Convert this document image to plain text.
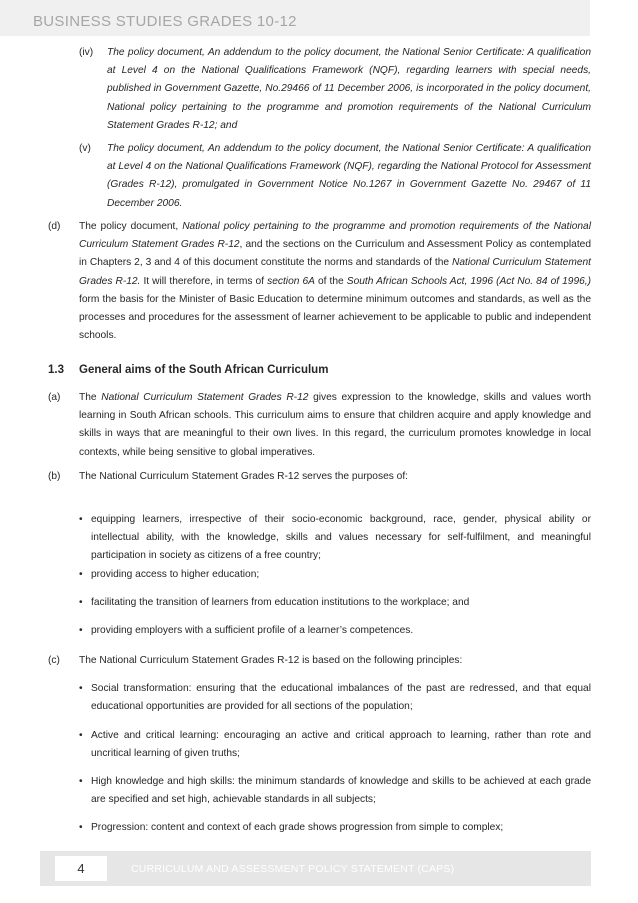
BUSINESS STUDIES GRADES 10-12
(iv) The policy document, An addendum to the policy document, the National Senior Certificate: A qualification at Level 4 on the National Qualifications Framework (NQF), regarding learners with special needs, published in Government Gazette, No.29466 of 11 December 2006, is incorporated in the policy document, National policy pertaining to the programme and promotion requirements of the National Curriculum Statement Grades R-12; and
(v) The policy document, An addendum to the policy document, the National Senior Certificate: A qualification at Level 4 on the National Qualifications Framework (NQF), regarding the National Protocol for Assessment (Grades R-12), promulgated in Government Notice No.1267 in Government Gazette No. 29467 of 11 December 2006.
(d) The policy document, National policy pertaining to the programme and promotion requirements of the National Curriculum Statement Grades R-12, and the sections on the Curriculum and Assessment Policy as contemplated in Chapters 2, 3 and 4 of this document constitute the norms and standards of the National Curriculum Statement Grades R-12. It will therefore, in terms of section 6A of the South African Schools Act, 1996 (Act No. 84 of 1996,) form the basis for the Minister of Basic Education to determine minimum outcomes and standards, as well as the processes and procedures for the assessment of learner achievement to be applicable to public and independent schools.
1.3 General aims of the South African Curriculum
(a) The National Curriculum Statement Grades R-12 gives expression to the knowledge, skills and values worth learning in South African schools. This curriculum aims to ensure that children acquire and apply knowledge and skills in ways that are meaningful to their own lives. In this regard, the curriculum promotes knowledge in local contexts, while being sensitive to global imperatives.
(b) The National Curriculum Statement Grades R-12 serves the purposes of:
• equipping learners, irrespective of their socio-economic background, race, gender, physical ability or intellectual ability, with the knowledge, skills and values necessary for self-fulfilment, and meaningful participation in society as citizens of a free country;
• providing access to higher education;
• facilitating the transition of learners from education institutions to the workplace; and
• providing employers with a sufficient profile of a learner’s competences.
(c) The National Curriculum Statement Grades R-12 is based on the following principles:
• Social transformation: ensuring that the educational imbalances of the past are redressed, and that equal educational opportunities are provided for all sections of the population;
• Active and critical learning: encouraging an active and critical approach to learning, rather than rote and uncritical learning of given truths;
• High knowledge and high skills: the minimum standards of knowledge and skills to be achieved at each grade are specified and set high, achievable standards in all subjects;
• Progression: content and context of each grade shows progression from simple to complex;
4	CURRICULUM AND ASSESSMENT POLICY STATEMENT (CAPS)
